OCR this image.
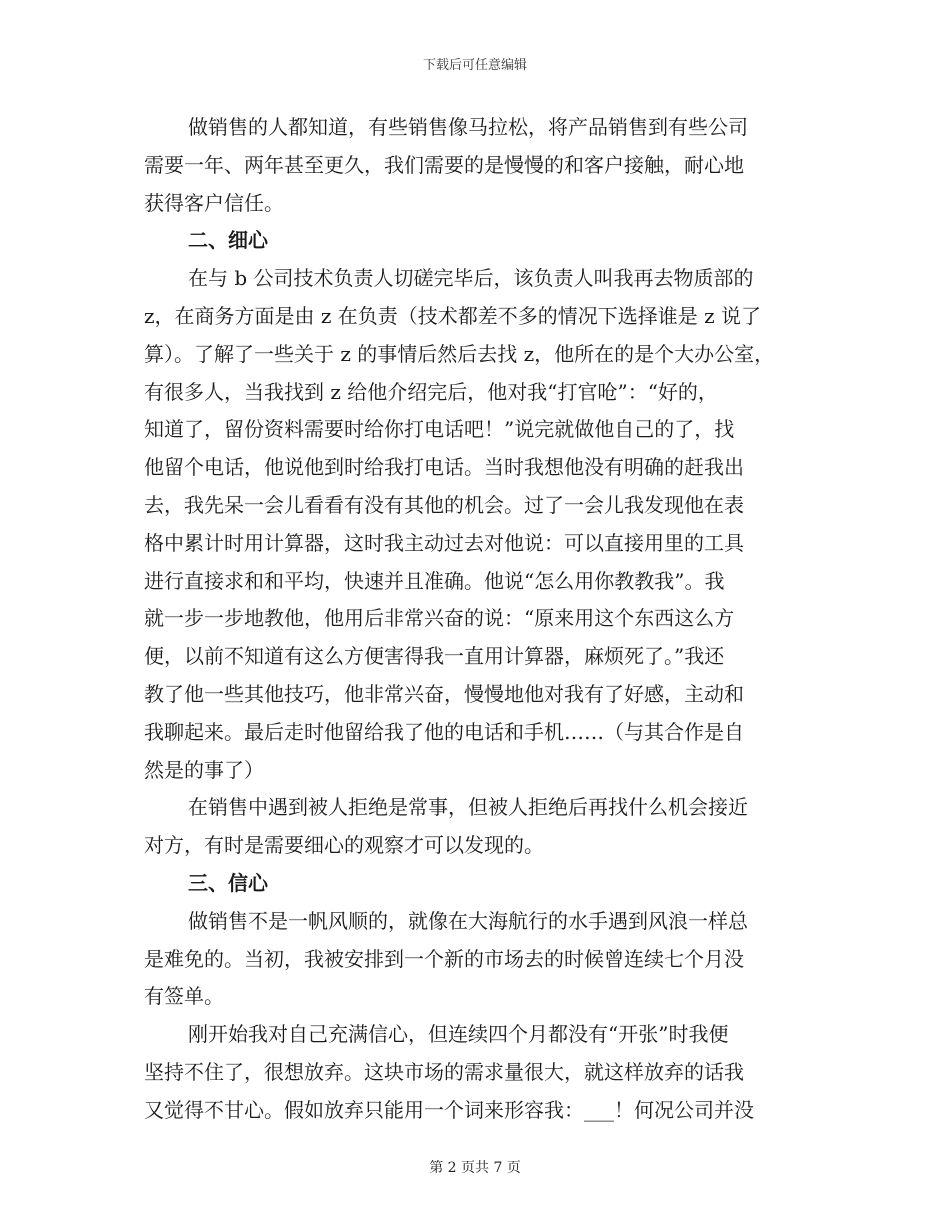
下载后可任意编辑
做销售的人都知道，有些销售像马拉松，将产品销售到有些公司
需要一年、两年甚至更久，我们需要的是慢慢的和客户接触，耐心地
获得客户信任。
二、细心
在与 b 公司技术负责人切磋完毕后，该负责人叫我再去物质部的
z，在商务方面是由 z 在负责（技术都差不多的情况下选择谁是 z 说了
算）。了解了一些关于 z 的事情后然后去找 z，他所在的是个大办公室，
有很多人，当我找到 z 给他介绍完后，他对我“打官呛”：“好的，
知道了，留份资料需要时给你打电话吧！”说完就做他自己的了，找
他留个电话，他说他到时给我打电话。当时我想他没有明确的赶我出
去，我先呆一会儿看看有没有其他的机会。过了一会儿我发现他在表
格中累计时用计算器，这时我主动过去对他说：可以直接用里的工具
进行直接求和和平均，快速并且准确。他说“怎么用你教教我”。我
就一步一步地教他，他用后非常兴奋的说：“原来用这个东西这么方
便，以前不知道有这么方便害得我一直用计算器，麻烦死了。”我还
教了他一些其他技巧，他非常兴奋，慢慢地他对我有了好感，主动和
我聊起来。最后走时他留给我了他的电话和手机……（与其合作是自
然是的事了）
在销售中遇到被人拒绝是常事，但被人拒绝后再找什么机会接近
对方，有时是需要细心的观察才可以发现的。
三、信心
做销售不是一帆风顺的，就像在大海航行的水手遇到风浪一样总
是难免的。当初，我被安排到一个新的市场去的时候曾连续七个月没
有签单。
刚开始我对自己充满信心，但连续四个月都没有“开张”时我便
坚持不住了，很想放弃。这块市场的需求量很大，就这样放弃的话我
又觉得不甘心。假如放弃只能用一个词来形容我：___！何况公司并没
第 2 页共 7 页
